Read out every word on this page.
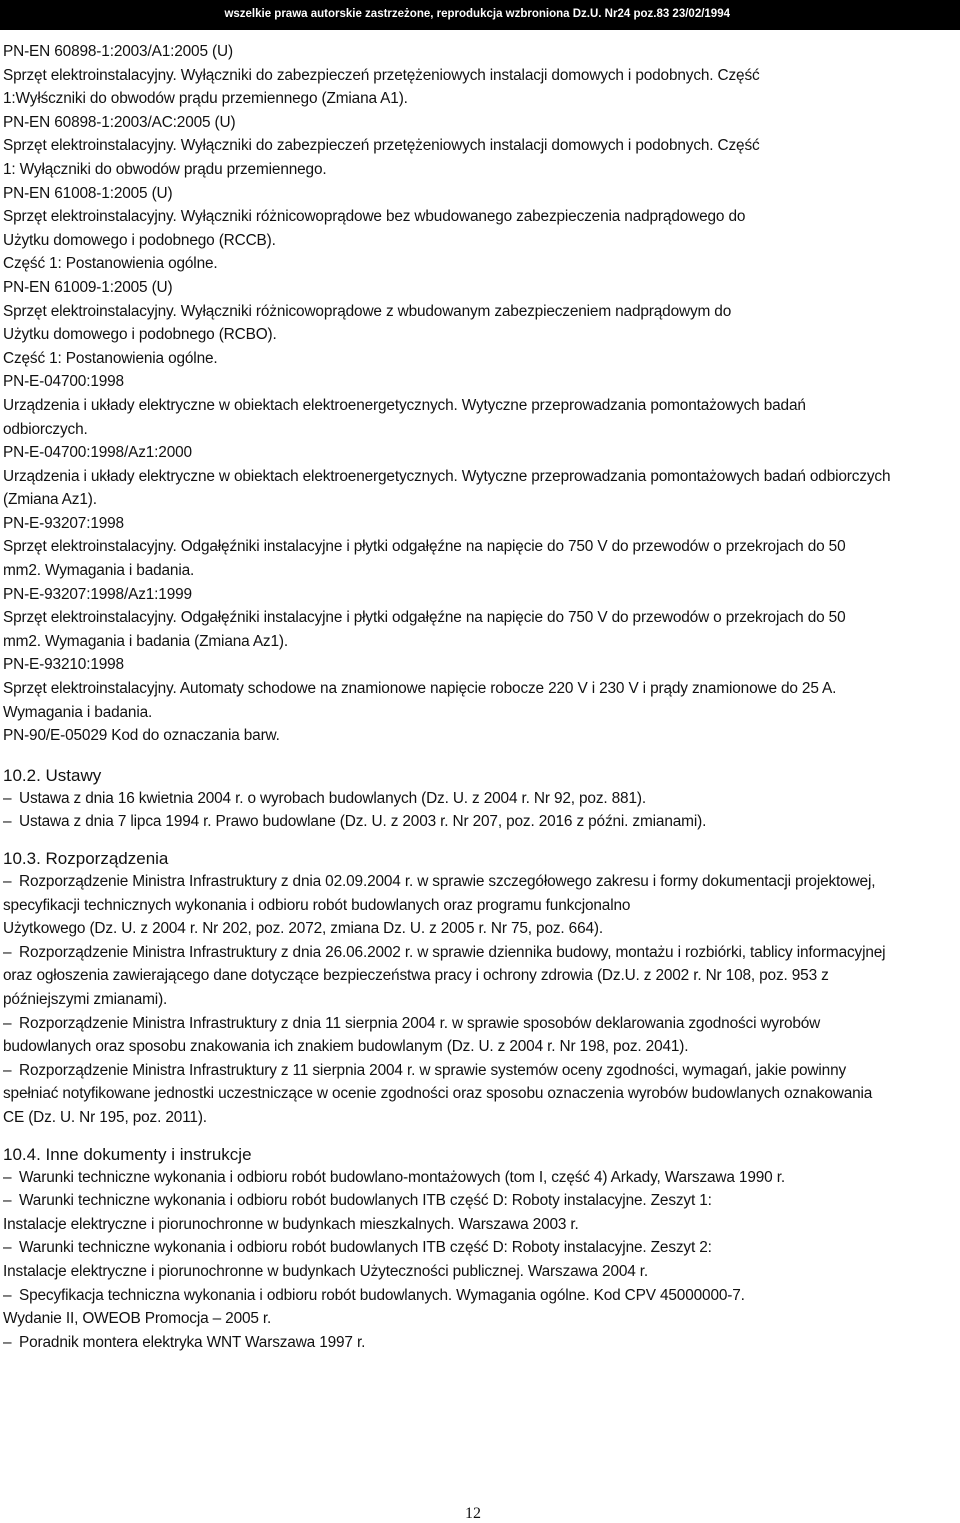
wszelkie prawa autorskie zastrzeżone, reprodukcja wzbroniona Dz.U. Nr24 poz.83 23/02/1994
PN-EN 60898-1:2003/A1:2005 (U)
Sprzęt elektroinstalacyjny. Wyłączniki do zabezpieczeń przetężeniowych instalacji domowych i podobnych. Część
1:Wyłśczniki do obwodów prądu przemiennego (Zmiana A1).
PN-EN 60898-1:2003/AC:2005 (U)
Sprzęt elektroinstalacyjny. Wyłączniki do zabezpieczeń przetężeniowych instalacji domowych i podobnych. Część
1: Wyłączniki do obwodów prądu przemiennego.
PN-EN 61008-1:2005 (U)
Sprzęt elektroinstalacyjny. Wyłączniki różnicowoprądowe bez wbudowanego zabezpieczenia nadprądowego do
Użytku domowego i podobnego (RCCB).
Część 1: Postanowienia ogólne.
PN-EN 61009-1:2005 (U)
Sprzęt elektroinstalacyjny. Wyłączniki różnicowoprądowe z wbudowanym zabezpieczeniem nadprądowym do
Użytku domowego i podobnego (RCBO).
Część 1: Postanowienia ogólne.
PN-E-04700:1998
Urządzenia i układy elektryczne w obiektach elektroenergetycznych. Wytyczne przeprowadzania pomontażowych badań
odbiorczych.
PN-E-04700:1998/Az1:2000
Urządzenia i układy elektryczne w obiektach elektroenergetycznych. Wytyczne przeprowadzania pomontażowych badań odbiorczych
(Zmiana Az1).
PN-E-93207:1998
Sprzęt elektroinstalacyjny. Odgałęźniki instalacyjne i płytki odgałęźne na napięcie do 750 V do przewodów o przekrojach do 50
mm2. Wymagania i badania.
PN-E-93207:1998/Az1:1999
Sprzęt elektroinstalacyjny. Odgałęźniki instalacyjne i płytki odgałęźne na napięcie do 750 V do przewodów o przekrojach do 50
mm2. Wymagania i badania (Zmiana Az1).
PN-E-93210:1998
Sprzęt elektroinstalacyjny. Automaty schodowe na znamionowe napięcie robocze 220 V i 230 V i prądy znamionowe do 25 A.
Wymagania i badania.
PN-90/E-05029 Kod do oznaczania barw.
10.2. Ustawy
– Ustawa z dnia 16 kwietnia 2004 r. o wyrobach budowlanych (Dz. U. z 2004 r. Nr 92, poz. 881).
– Ustawa z dnia 7 lipca 1994 r. Prawo budowlane (Dz. U. z 2003 r. Nr 207, poz. 2016 z późni. zmianami).
10.3. Rozporządzenia
– Rozporządzenie Ministra Infrastruktury z dnia 02.09.2004 r. w sprawie szczegółowego zakresu i formy dokumentacji projektowej,
specyfikacji technicznych wykonania i odbioru robót budowlanych oraz programu funkcjonalno
Użytkowego (Dz. U. z 2004 r. Nr 202, poz. 2072, zmiana Dz. U. z 2005 r. Nr 75, poz. 664).
– Rozporządzenie Ministra Infrastruktury z dnia 26.06.2002 r. w sprawie dziennika budowy, montażu i rozbiórki, tablicy informacyjnej
oraz ogłoszenia zawierającego dane dotyczące bezpieczeństwa pracy i ochrony zdrowia (Dz.U. z 2002 r. Nr 108, poz. 953 z
późniejszymi zmianami).
– Rozporządzenie Ministra Infrastruktury z dnia 11 sierpnia 2004 r. w sprawie sposobów deklarowania zgodności wyrobów
budowlanych oraz sposobu znakowania ich znakiem budowlanym (Dz. U. z 2004 r. Nr 198, poz. 2041).
– Rozporządzenie Ministra Infrastruktury z 11 sierpnia 2004 r. w sprawie systemów oceny zgodności, wymagań, jakie powinny
spełniać notyfikowane jednostki uczestniczące w ocenie zgodności oraz sposobu oznaczenia wyrobów budowlanych oznakowania
CE (Dz. U. Nr 195, poz. 2011).
10.4. Inne dokumenty i instrukcje
– Warunki techniczne wykonania i odbioru robót budowlano-montażowych (tom I, część 4) Arkady, Warszawa 1990 r.
– Warunki techniczne wykonania i odbioru robót budowlanych ITB część D: Roboty instalacyjne. Zeszyt 1:
Instalacje elektryczne i piorunochronne w budynkach mieszkalnych. Warszawa 2003 r.
– Warunki techniczne wykonania i odbioru robót budowlanych ITB część D: Roboty instalacyjne. Zeszyt 2:
Instalacje elektryczne i piorunochronne w budynkach Użyteczności publicznej. Warszawa 2004 r.
– Specyfikacja techniczna wykonania i odbioru robót budowlanych. Wymagania ogólne. Kod CPV 45000000-7.
Wydanie II, OWEOB Promocja – 2005 r.
– Poradnik montera elektryka WNT Warszawa 1997 r.
12
